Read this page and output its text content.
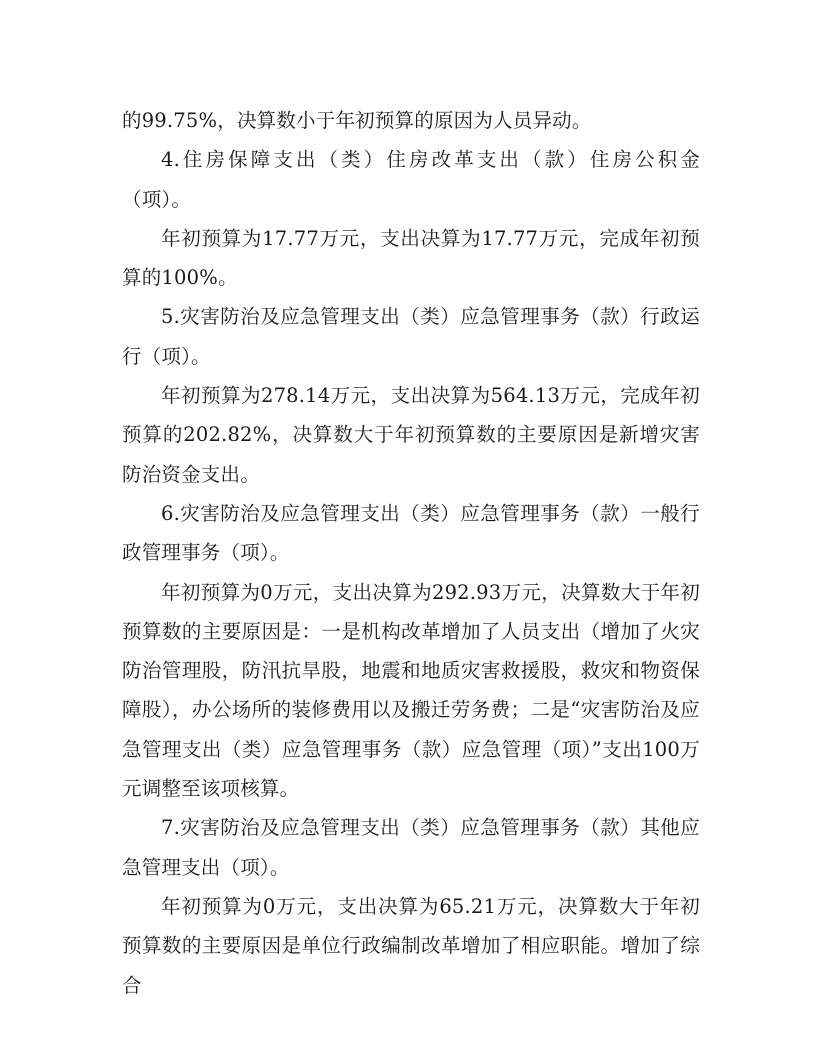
的99.75%，决算数小于年初预算的原因为人员异动。

4.住房保障支出（类）住房改革支出（款）住房公积金（项）。

年初预算为17.77万元，支出决算为17.77万元，完成年初预算的100%。

5.灾害防治及应急管理支出（类）应急管理事务（款）行政运行（项）。

年初预算为278.14万元，支出决算为564.13万元，完成年初预算的202.82%，决算数大于年初预算数的主要原因是新增灾害防治资金支出。

6.灾害防治及应急管理支出（类）应急管理事务（款）一般行政管理事务（项）。

年初预算为0万元，支出决算为292.93万元，决算数大于年初预算数的主要原因是：一是机构改革增加了人员支出（增加了火灾防治管理股，防汛抗旱股，地震和地质灾害救援股，救灾和物资保障股），办公场所的装修费用以及搬迁劳务费；二是“灾害防治及应急管理支出（类）应急管理事务（款）应急管理（项）”支出100万元调整至该项核算。

7.灾害防治及应急管理支出（类）应急管理事务（款）其他应急管理支出（项）。

年初预算为0万元，支出决算为65.21万元，决算数大于年初预算数的主要原因是单位行政编制改革增加了相应职能。增加了综合
